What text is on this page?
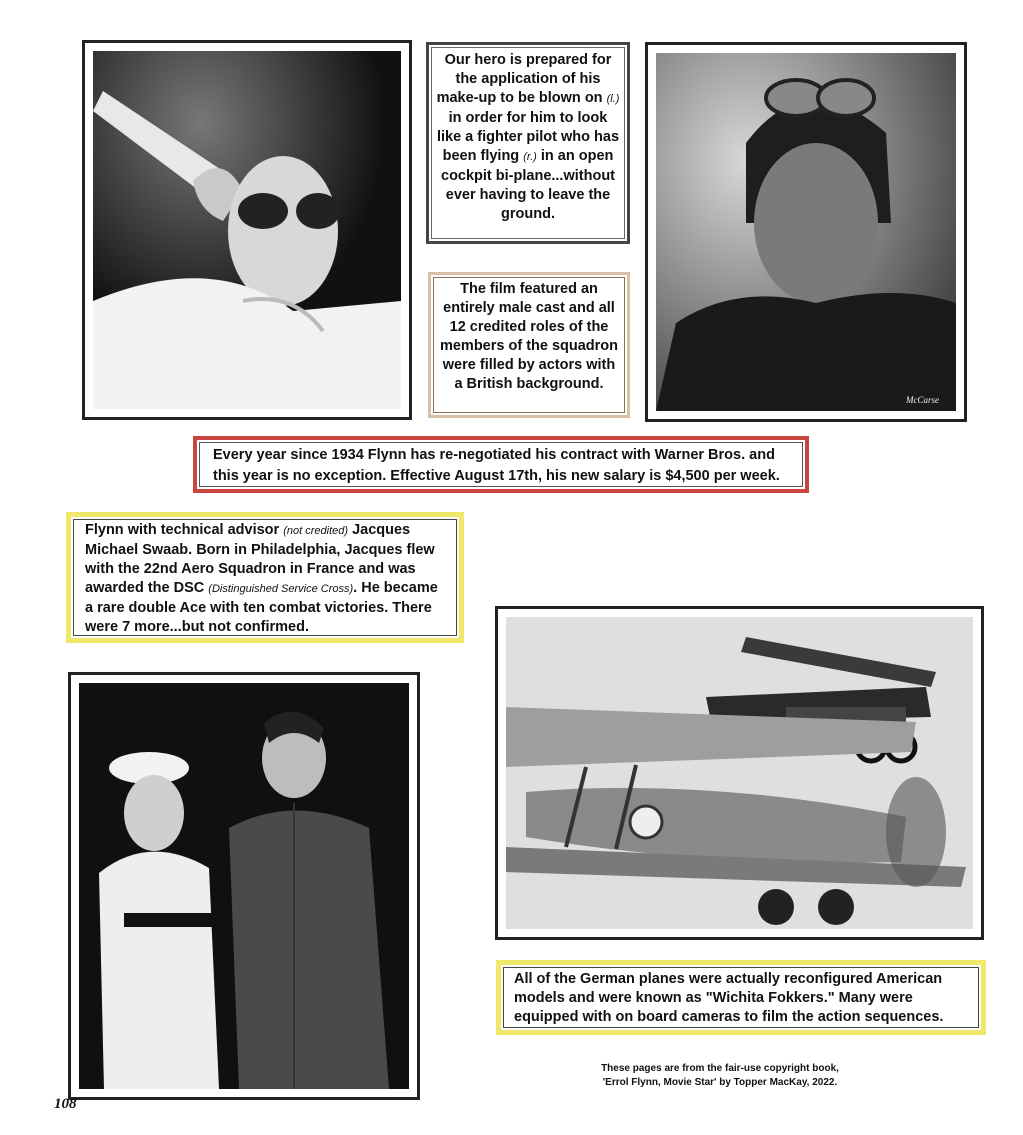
Our hero is prepared for the application of his make-up to be blown on (l.) in order for him to look like a fighter pilot who has been flying (r.) in an open cockpit bi-plane...without ever having to leave the ground.
The film featured an entirely male cast and all 12 credited roles of the members of the squadron were filled by actors with a British background.
McCarse
Every year since 1934 Flynn has re-negotiated his contract with Warner Bros. and this year is no exception. Effective August 17th, his new salary is $4,500 per week.
Flynn with technical advisor (not credited) Jacques Michael Swaab. Born in Philadelphia, Jacques flew with the 22nd Aero Squadron in France and was awarded the DSC (Distinguished Service Cross). He became a rare double Ace with ten combat victories. There were 7 more...but not confirmed.
All of the German planes were actually reconfigured American models and were known as "Wichita Fokkers." Many were equipped with on board cameras to film the action sequences.
These pages are from the fair-use copyright book,
'Errol Flynn, Movie Star' by Topper MacKay, 2022.
108
